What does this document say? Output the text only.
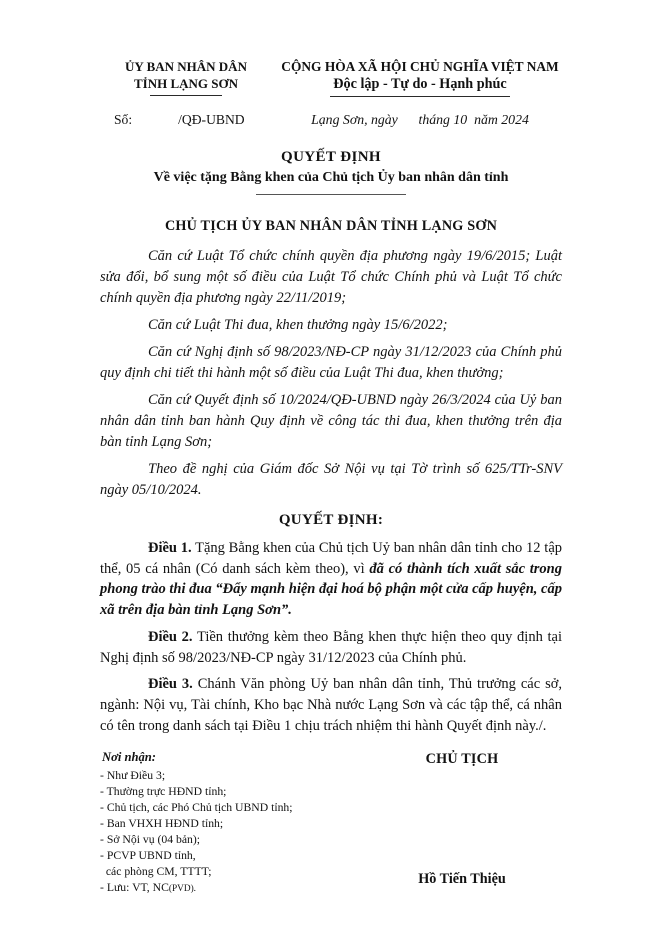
ỦY BAN NHÂN DÂN
TỈNH LẠNG SƠN
CỘNG HÒA XÃ HỘI CHỦ NGHĨA VIỆT NAM
Độc lập - Tự do - Hạnh phúc
Số:	/QĐ-UBND	Lạng Sơn, ngày      tháng 10  năm 2024
QUYẾT ĐỊNH
Về việc tặng Bằng khen của Chủ tịch Ủy ban nhân dân tỉnh
CHỦ TỊCH ỦY BAN NHÂN DÂN TỈNH LẠNG SƠN

Căn cứ Luật Tổ chức chính quyền địa phương ngày 19/6/2015; Luật sửa đổi, bổ sung một số điều của Luật Tổ chức Chính phủ và Luật Tổ chức chính quyền địa phương ngày 22/11/2019;

Căn cứ Luật Thi đua, khen thưởng ngày 15/6/2022;

Căn cứ Nghị định số 98/2023/NĐ-CP ngày 31/12/2023 của Chính phủ quy định chi tiết thi hành một số điều của Luật Thi đua, khen thưởng;

Căn cứ Quyết định số 10/2024/QĐ-UBND ngày 26/3/2024 của Uỷ ban nhân dân tỉnh ban hành Quy định về công tác thi đua, khen thưởng trên địa bàn tỉnh Lạng Sơn;

Theo đề nghị của Giám đốc Sở Nội vụ tại Tờ trình số 625/TTr-SNV ngày 05/10/2024.

QUYẾT ĐỊNH:

Điều 1. Tặng Bằng khen của Chủ tịch Uỷ ban nhân dân tỉnh cho 12 tập thể, 05 cá nhân (Có danh sách kèm theo), vì đã có thành tích xuất sắc trong phong trào thi đua “Đẩy mạnh hiện đại hoá bộ phận một cửa cấp huyện, cấp xã trên địa bàn tỉnh Lạng Sơn”.

Điều 2. Tiền thưởng kèm theo Bằng khen thực hiện theo quy định tại Nghị định số 98/2023/NĐ-CP ngày 31/12/2023 của Chính phủ.

Điều 3. Chánh Văn phòng Uỷ ban nhân dân tỉnh, Thủ trưởng các sở, ngành: Nội vụ, Tài chính, Kho bạc Nhà nước Lạng Sơn và các tập thể, cá nhân có tên trong danh sách tại Điều 1 chịu trách nhiệm thi hành Quyết định này./.

Nơi nhận:
- Như Điều 3;
- Thường trực HĐND tỉnh;
- Chủ tịch, các Phó Chủ tịch UBND tỉnh;
- Ban VHXH HĐND tỉnh;
- Sở Nội vụ (04 bản);
- PCVP UBND tỉnh,
các phòng CM, TTTT;
- Lưu: VT, NC(PVD).
CHỦ TỊCH
Hồ Tiến Thiệu
